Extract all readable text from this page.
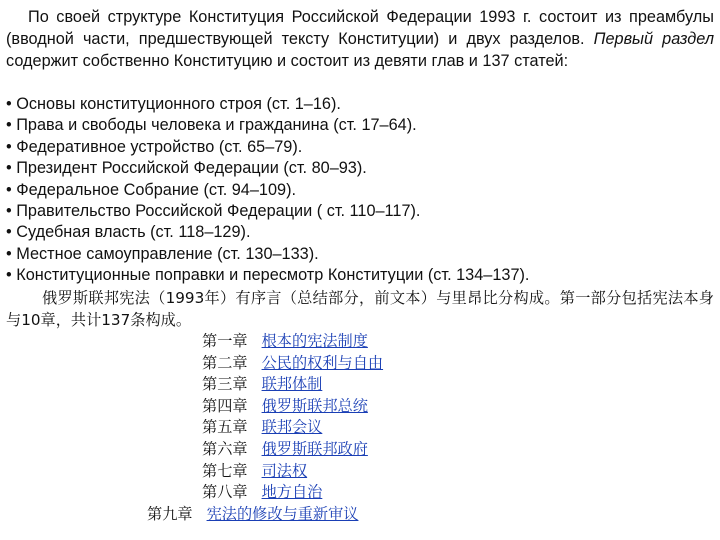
По своей структуре Конституция Российской Федерации 1993 г. состоит из преамбулы (вводной части, предшествующей тексту Конституции) и двух разделов. Первый раздел содержит собственно Конституцию и состоит из девяти глав и 137 статей:

• Основы конституционного строя (ст. 1–16).
• Права и свободы человека и гражданина (ст. 17–64).
• Федеративное устройство (ст. 65–79).
• Президент Российской Федерации (ст. 80–93).
• Федеральное Собрание (ст. 94–109).
• Правительство Российской Федерации ( ст. 110–117).
• Судебная власть (ст. 118–129).
• Местное самоуправление (ст. 130–133).
• Конституционные поправки и пересмотр Конституции (ст. 134–137).

俄罗斯联邦宪法（1993年）有序言（总结部分，前文本）与里昂比分构成。第一部分包括宪法本身与10章，共计137条构成。

第一章 根本的宪法制度
第二章 公民的权利与自由
第三章 联邦体制
第四章 俄罗斯联邦总统
第五章 联邦会议
第六章 俄罗斯联邦政府
第七章 司法权
第八章 地方自治
第九章 宪法的修改与重新审议
